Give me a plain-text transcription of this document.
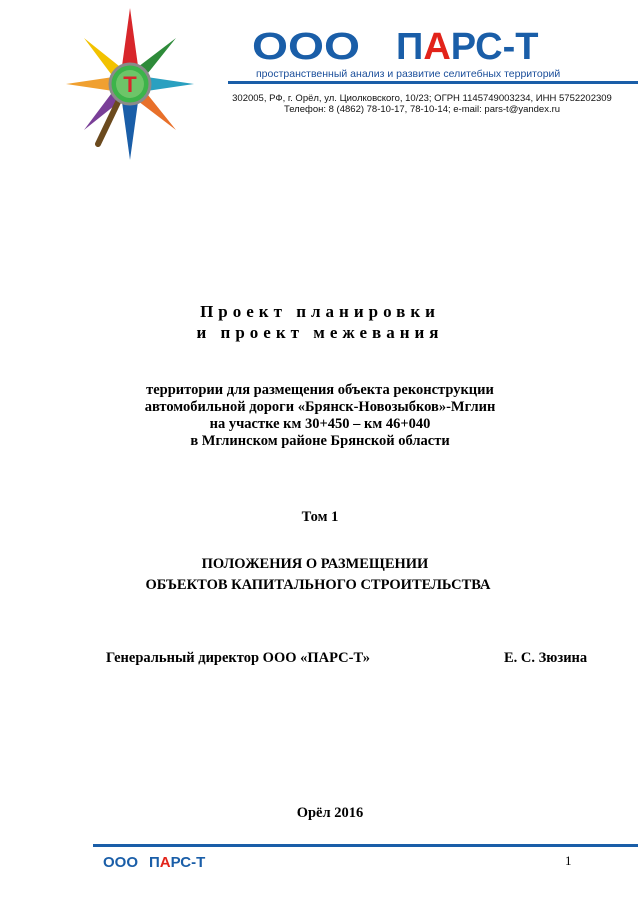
Т
ООО ПАРС-Т
пространственный анализ и развитие селитебных территорий
302005, РФ, г. Орёл, ул. Циолковского, 10/23; ОГРН 1145749003234, ИНН 5752202309
Телефон: 8 (4862) 78-10-17, 78-10-14; e-mail: pars-t@yandex.ru
Проект планировки
и проект межевания
территории для размещения объекта реконструкции
автомобильной дороги «Брянск-Новозыбков»-Мглин
на участке км 30+450 – км 46+040
в Мглинском районе Брянской области
Том 1
ПОЛОЖЕНИЯ О РАЗМЕЩЕНИИ
ОБЪЕКТОВ КАПИТАЛЬНОГО СТРОИТЕЛЬСТВА
Генеральный директор ООО «ПАРС-Т»	Е. С. Зюзина
Орёл 2016
ООО ПАРС-Т	1
